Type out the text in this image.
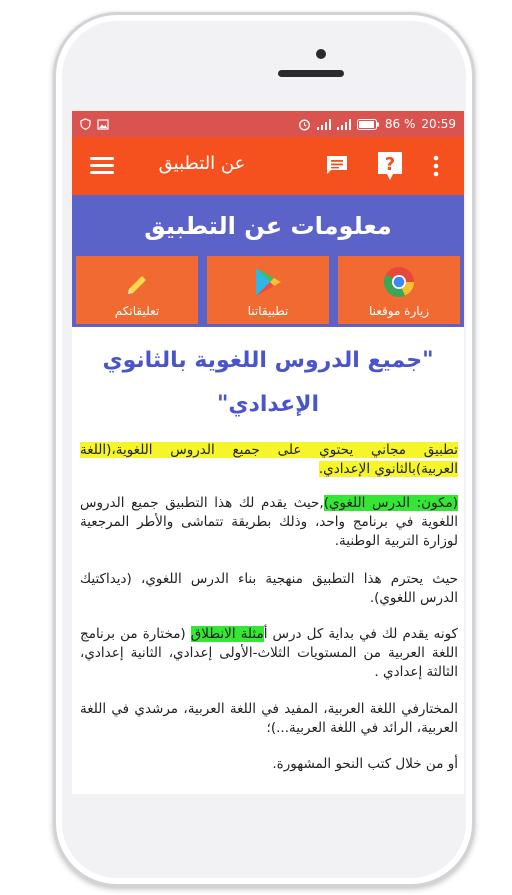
86 % 20:59
عن التطبيق	?
معلومات عن التطبيق
تعليقاتكم	تطبيقاتنا	زيارة موقعنا
"جميع الدروس اللغوية بالثانوي الإعدادي"
تطبيق مجاني يحتوي على جميع الدروس اللغوية،(اللغة العربية)بالثانوي الإعدادي.
(مكون: الدرس اللغوي),حيث يقدم لك هذا التطبيق جميع الدروس اللغوية في برنامج واحد، وذلك بطريقة تتماشى والأطر المرجعية لوزارة التربية الوطنية.
حيث يحترم هذا التطبيق منهجية بناء الدرس اللغوي، (ديداكتيك الدرس اللغوي).
كونه يقدم لك في بداية كل درس أمثلة الانطلاق (مختارة من برنامج اللغة العربية من المستويات الثلاث-الأولى إعدادي، الثانية إعدادي، الثالثة إعدادي .
المختارفي اللغة العربية، المفيد في اللغة العربية، مرشدي في اللغة العربية، الرائد في اللغة العربية...)؛
أو من خلال كتب النحو المشهورة.
